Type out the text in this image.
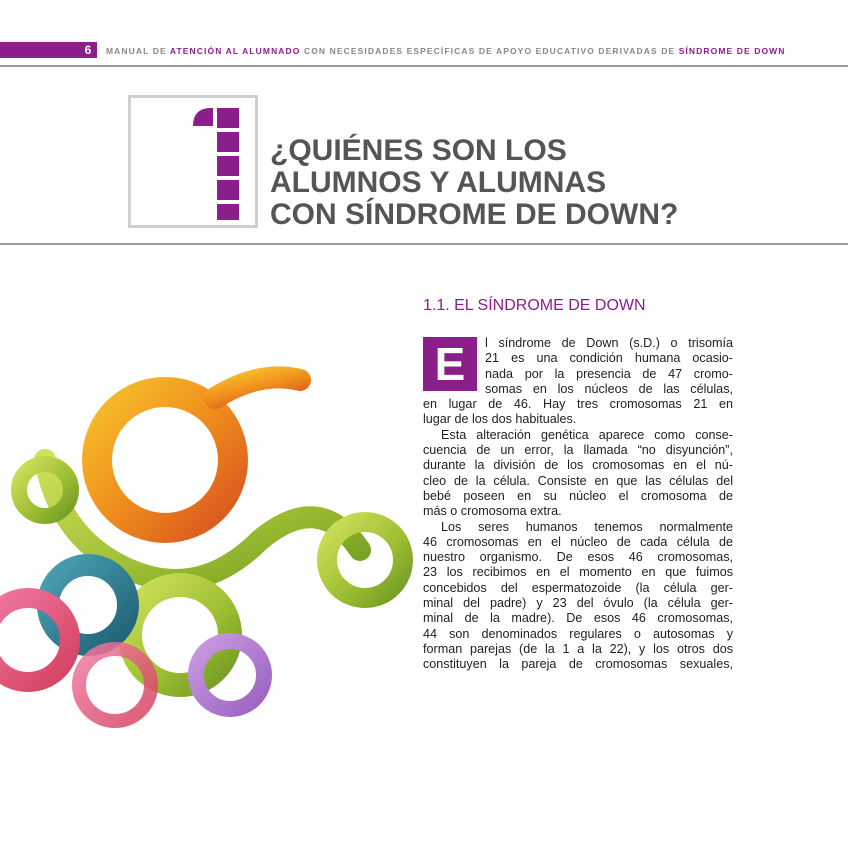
6	MANUAL DE ATENCIÓN AL ALUMNADO CON NECESIDADES ESPECÍFICAS DE APOYO EDUCATIVO DERIVADAS DE SÍNDROME DE DOWN
¿QUIÉNES SON LOS
ALUMNOS Y ALUMNAS
CON SÍNDROME DE DOWN?
1.1. EL SÍNDROME DE DOWN
E	l síndrome de Down (s.D.) o trisomía
21 es una condición humana ocasio-
nada por la presencia de 47 cromo-
somas en los núcleos de las células,
en lugar de 46. Hay tres cromosomas 21 en
lugar de los dos habituales.
Esta alteración genética aparece como conse-
cuencia de un error, la llamada “no disyunción”,
durante la división de los cromosomas en el nú-
cleo de la célula. Consiste en que las células del
bebé poseen en su núcleo el cromosoma de
más o cromosoma extra.
Los seres humanos tenemos normalmente
46 cromosomas en el núcleo de cada célula de
nuestro organismo. De esos 46 cromosomas,
23 los recibimos en el momento en que fuimos
concebidos del espermatozoide (la célula ger-
minal del padre) y 23 del óvulo (la célula ger-
minal de la madre). De esos 46 cromosomas,
44 son denominados regulares o autosomas y
forman parejas (de la 1 a la 22), y los otros dos
constituyen la pareja de cromosomas sexuales,
